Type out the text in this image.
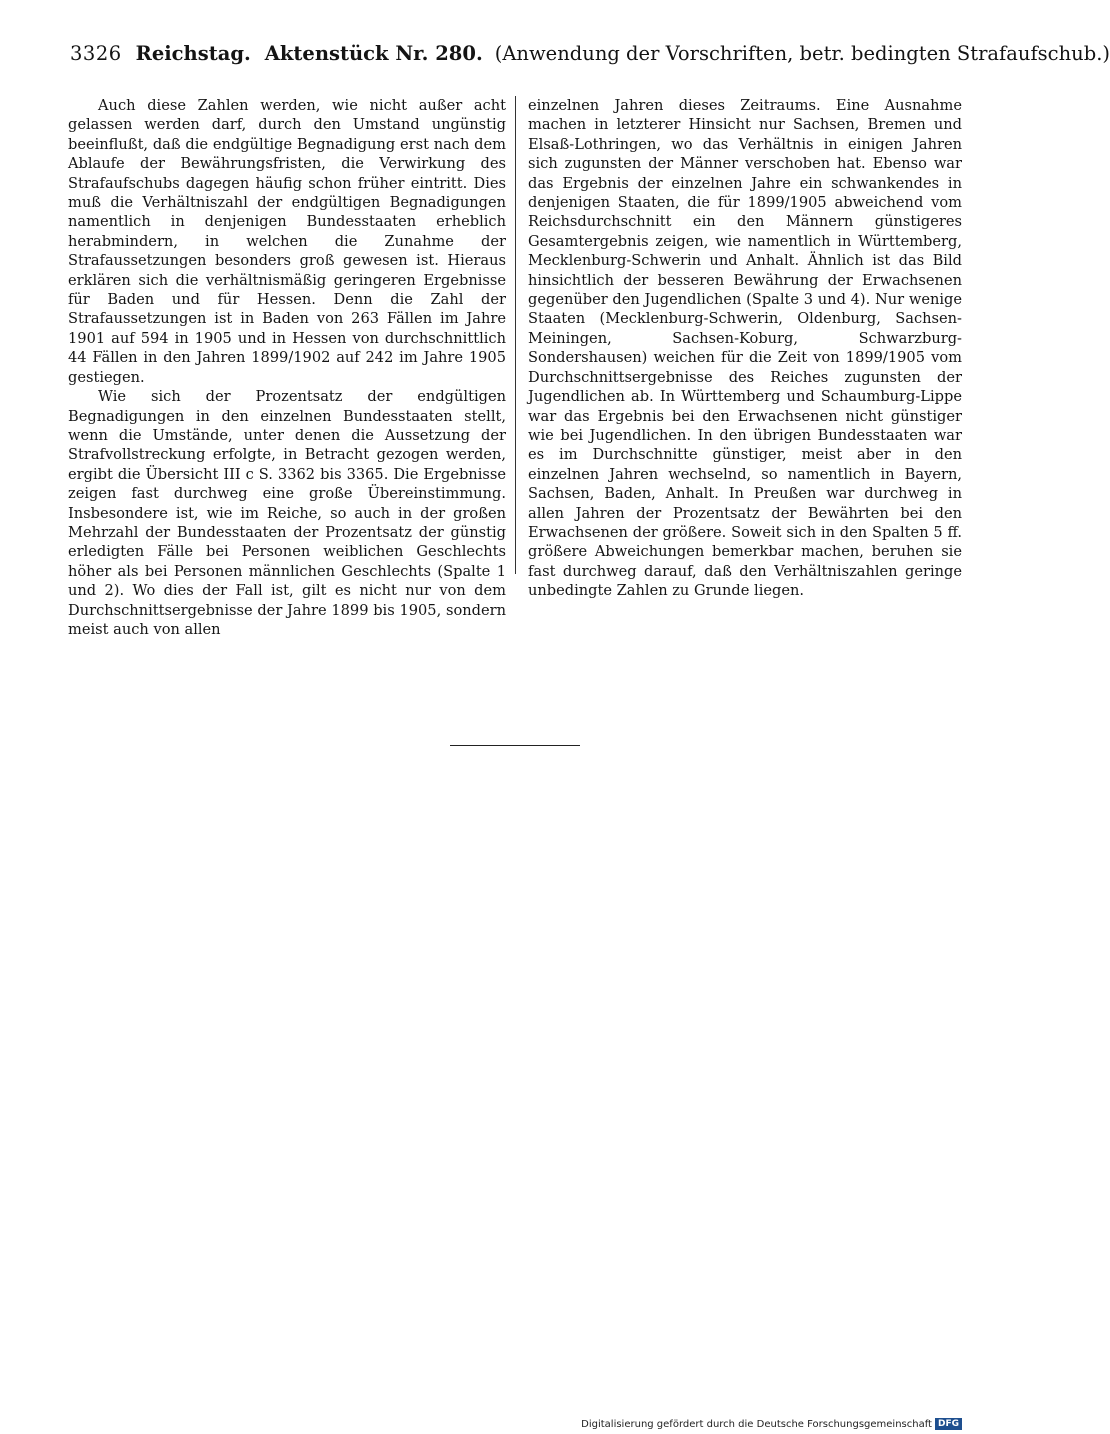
3326 Reichstag. Aktenstück Nr. 280. (Anwendung der Vorschriften, betr. bedingten Strafaufschub.)

Auch diese Zahlen werden, wie nicht außer acht gelassen werden darf, durch den Umstand ungünstig beeinflußt, daß die endgültige Begnadigung erst nach dem Ablaufe der Bewährungsfristen, die Verwirkung des Strafaufschubs dagegen häufig schon früher eintritt. Dies muß die Verhältniszahl der endgültigen Begnadigungen namentlich in denjenigen Bundesstaaten erheblich herabmindern, in welchen die Zunahme der Strafaussetzungen besonders groß gewesen ist. Hieraus erklären sich die verhältnismäßig geringeren Ergebnisse für Baden und für Hessen. Denn die Zahl der Strafaussetzungen ist in Baden von 263 Fällen im Jahre 1901 auf 594 in 1905 und in Hessen von durchschnittlich 44 Fällen in den Jahren 1899/1902 auf 242 im Jahre 1905 gestiegen.

Wie sich der Prozentsatz der endgültigen Begnadigungen in den einzelnen Bundesstaaten stellt, wenn die Umstände, unter denen die Aussetzung der Strafvollstreckung erfolgte, in Betracht gezogen werden, ergibt die Übersicht III c S. 3362 bis 3365. Die Ergebnisse zeigen fast durchweg eine große Übereinstimmung. Insbesondere ist, wie im Reiche, so auch in der großen Mehrzahl der Bundesstaaten der Prozentsatz der günstig erledigten Fälle bei Personen weiblichen Geschlechts höher als bei Personen männlichen Geschlechts (Spalte 1 und 2). Wo dies der Fall ist, gilt es nicht nur von dem Durchschnittsergebnisse der Jahre 1899 bis 1905, sondern meist auch von allen

einzelnen Jahren dieses Zeitraums. Eine Ausnahme machen in letzterer Hinsicht nur Sachsen, Bremen und Elsaß-Lothringen, wo das Verhältnis in einigen Jahren sich zugunsten der Männer verschoben hat. Ebenso war das Ergebnis der einzelnen Jahre ein schwankendes in denjenigen Staaten, die für 1899/1905 abweichend vom Reichsdurchschnitt ein den Männern günstigeres Gesamtergebnis zeigen, wie namentlich in Württemberg, Mecklenburg-Schwerin und Anhalt. Ähnlich ist das Bild hinsichtlich der besseren Bewährung der Erwachsenen gegenüber den Jugendlichen (Spalte 3 und 4). Nur wenige Staaten (Mecklenburg-Schwerin, Oldenburg, Sachsen-Meiningen, Sachsen-Koburg, Schwarzburg-Sondershausen) weichen für die Zeit von 1899/1905 vom Durchschnittsergebnisse des Reiches zugunsten der Jugendlichen ab. In Württemberg und Schaumburg-Lippe war das Ergebnis bei den Erwachsenen nicht günstiger wie bei Jugendlichen. In den übrigen Bundesstaaten war es im Durchschnitte günstiger, meist aber in den einzelnen Jahren wechselnd, so namentlich in Bayern, Sachsen, Baden, Anhalt. In Preußen war durchweg in allen Jahren der Prozentsatz der Bewährten bei den Erwachsenen der größere. Soweit sich in den Spalten 5 ff. größere Abweichungen bemerkbar machen, beruhen sie fast durchweg darauf, daß den Verhältniszahlen geringe unbedingte Zahlen zu Grunde liegen.

Digitalisierung gefördert durch die Deutsche Forschungsgemeinschaft DFG
